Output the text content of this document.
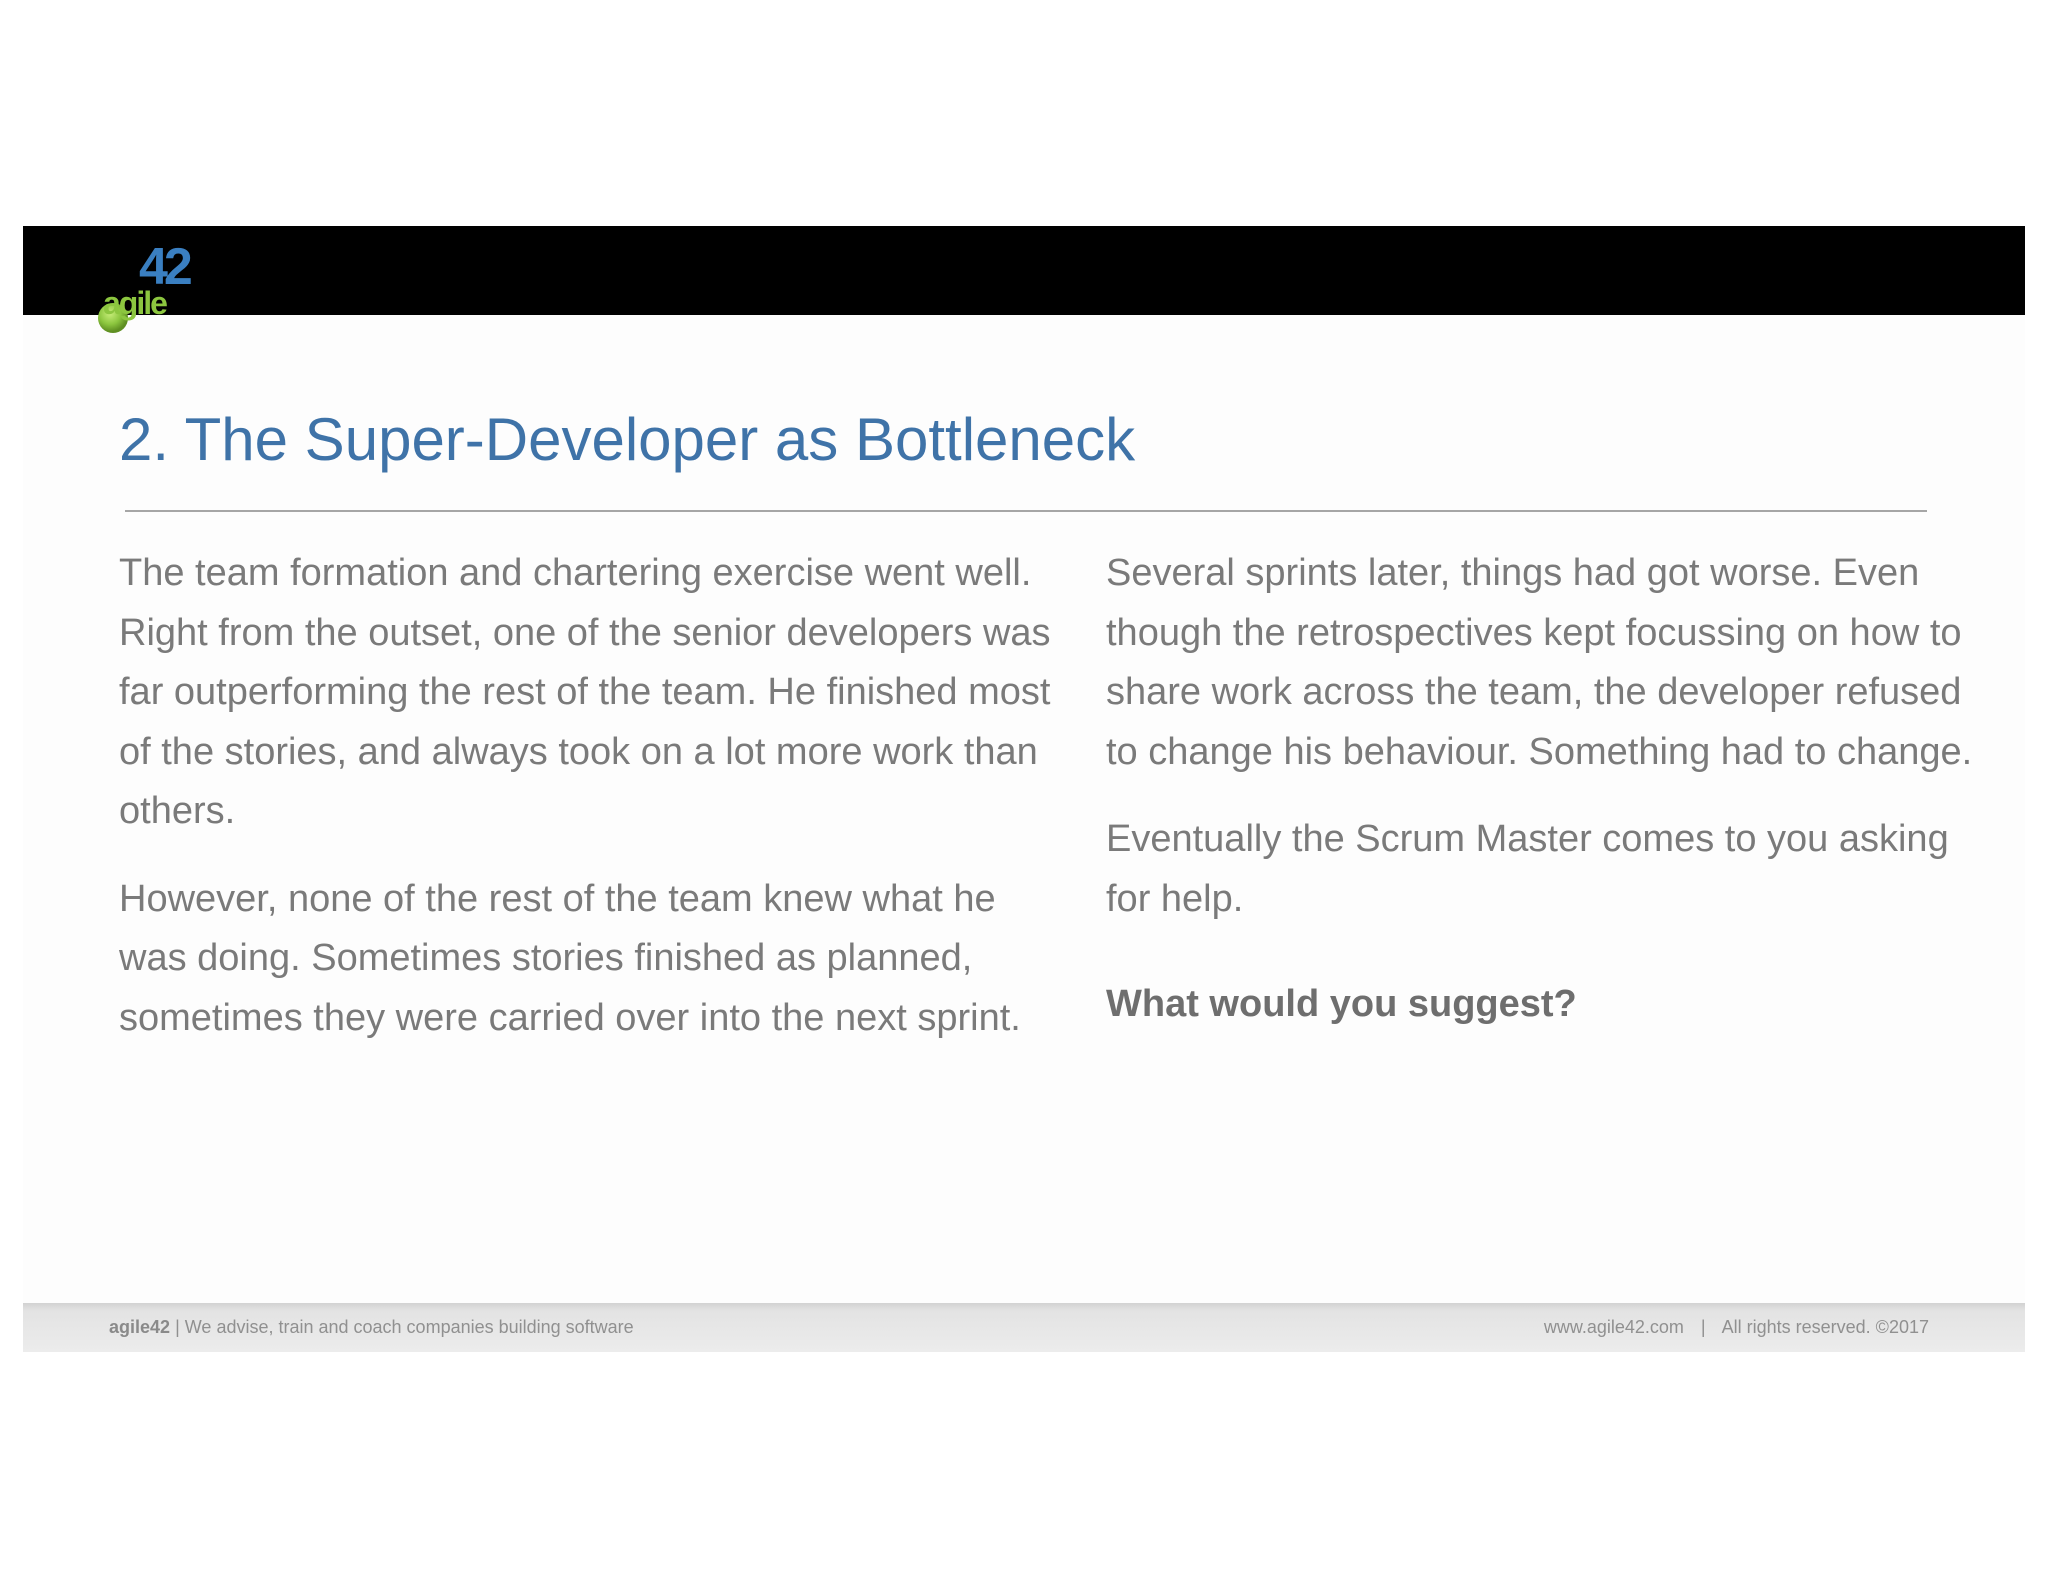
42
agile
2. The Super-Developer as Bottleneck

The team formation and chartering exercise went well. Right from the outset, one of the senior developers was far outperforming the rest of the team. He finished most of the stories, and always took on a lot more work than others.

However, none of the rest of the team knew what he was doing. Sometimes stories finished as planned, sometimes they were carried over into the next sprint.

Several sprints later, things had got worse. Even though the retrospectives kept focussing on how to share work across the team, the developer refused to change his behaviour. Something had to change.

Eventually the Scrum Master comes to you asking for help.

What would you suggest?

agile42 | We advise, train and coach companies building software	www.agile42.com | All rights reserved. ©2017
